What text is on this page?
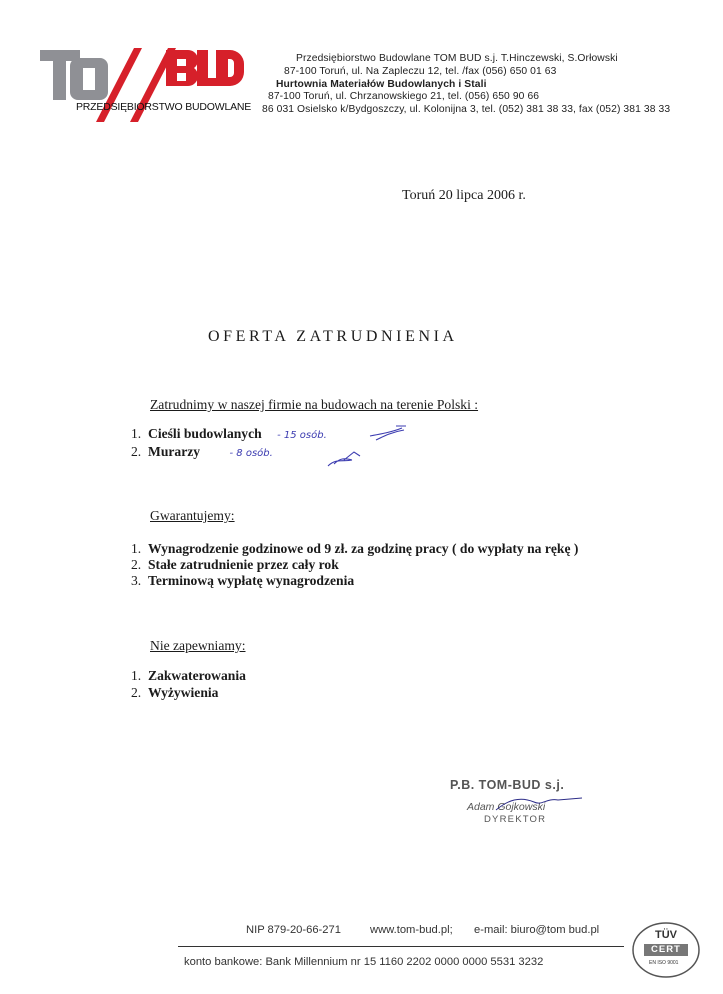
PRZEDSIĘBIORSTWO BUDOWLANE
Przedsiębiorstwo Budowlane TOM BUD s.j. T.Hinczewski, S.Orłowski
87-100 Toruń, ul. Na Zapleczu 12, tel. /fax (056) 650 01 63
Hurtownia Materiałów Budowlanych i Stali
87-100 Toruń, ul. Chrzanowskiego 21, tel. (056) 650 90 66
86 031 Osielsko k/Bydgoszczy, ul. Kolonijna 3, tel. (052) 381 38 33, fax (052) 381 38 33
Toruń 20 lipca 2006 r.
OFERTA ZATRUDNIENIA
Zatrudnimy w naszej firmie na budowach na terenie Polski :
1. Cieśli budowlanych - 15 osób.
2. Murarzy	- 8 osób.
Gwarantujemy:
1. Wynagrodzenie godzinowe od 9 zł. za godzinę pracy ( do wypłaty na rękę )
2. Stałe zatrudnienie przez cały rok
3. Terminową wypłatę wynagrodzenia
Nie zapewniamy:
1. Zakwaterowania
2. Wyżywienia
P.B. TOM-BUD s.j.
Adam Gojkowski
DYREKTOR
NIP 879-20-66-271	www.tom-bud.pl; e-mail: biuro@tom bud.pl
konto bankowe: Bank Millennium nr 15 1160 2202 0000 0000 5531 3232
TÜV
CERT
EN ISO 9001
